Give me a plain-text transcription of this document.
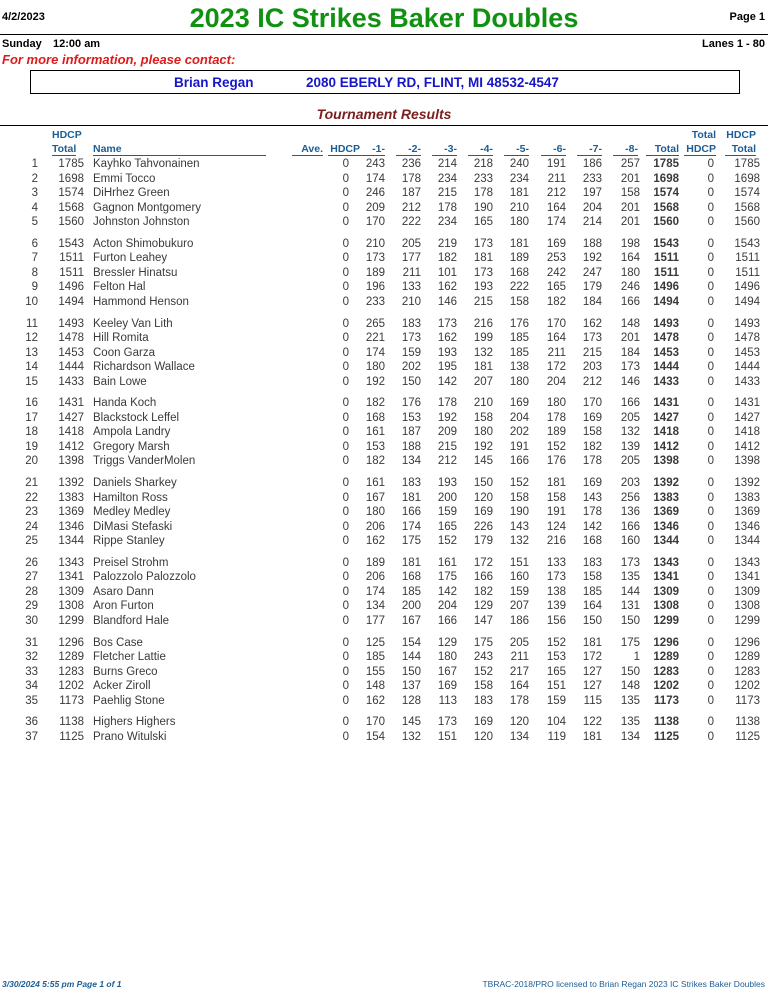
4/2/2023	2023 IC Strikes Baker Doubles	Page 1
Sunday 12:00 am	Lanes 1 - 80
For more information, please contact:
Brian Regan	2080 EBERLY RD, FLINT, MI 48532-4547
Tournament Results
HDCP
Total Name	Ave. HDCP	-1-	-2-	-3-	-4-	-5-	-6-	-7-	-8-	Total
Total
HDCP
HDCP
Total
1	1785 Kayhko Tahvonainen	0	243	236	214	218	240	191	186	257	1785	0	1785
2	1698 Emmi Tocco	0	174	178	234	233	234	211	233	201	1698	0	1698
3	1574 DiHrhez Green	0	246	187	215	178	181	212	197	158	1574	0	1574
4	1568 Gagnon Montgomery	0	209	212	178	190	210	164	204	201	1568	0	1568
5	1560 Johnston Johnston	0	170	222	234	165	180	174	214	201	1560	0	1560
6	1543 Acton Shimobukuro	0	210	205	219	173	181	169	188	198	1543	0	1543
7	1511 Furton Leahey	0	173	177	182	181	189	253	192	164	1511	0	1511
8	1511 Bressler Hinatsu	0	189	211	101	173	168	242	247	180	1511	0	1511
9	1496 Felton Hal	0	196	133	162	193	222	165	179	246	1496	0	1496
10	1494 Hammond Henson	0	233	210	146	215	158	182	184	166	1494	0	1494
11	1493 Keeley Van Lith	0	265	183	173	216	176	170	162	148	1493	0	1493
12	1478 Hill Romita	0	221	173	162	199	185	164	173	201	1478	0	1478
13	1453 Coon Garza	0	174	159	193	132	185	211	215	184	1453	0	1453
14	1444 Richardson Wallace	0	180	202	195	181	138	172	203	173	1444	0	1444
15	1433 Bain Lowe	0	192	150	142	207	180	204	212	146	1433	0	1433
16	1431 Handa Koch	0	182	176	178	210	169	180	170	166	1431	0	1431
17	1427 Blackstock Leffel	0	168	153	192	158	204	178	169	205	1427	0	1427
18	1418 Ampola Landry	0	161	187	209	180	202	189	158	132	1418	0	1418
19	1412 Gregory Marsh	0	153	188	215	192	191	152	182	139	1412	0	1412
20	1398 Triggs VanderMolen	0	182	134	212	145	166	176	178	205	1398	0	1398
21	1392 Daniels Sharkey	0	161	183	193	150	152	181	169	203	1392	0	1392
22	1383 Hamilton Ross	0	167	181	200	120	158	158	143	256	1383	0	1383
23	1369 Medley Medley	0	180	166	159	169	190	191	178	136	1369	0	1369
24	1346 DiMasi Stefaski	0	206	174	165	226	143	124	142	166	1346	0	1346
25	1344 Rippe Stanley	0	162	175	152	179	132	216	168	160	1344	0	1344
26	1343 Preisel Strohm	0	189	181	161	172	151	133	183	173	1343	0	1343
27	1341 Palozzolo Palozzolo	0	206	168	175	166	160	173	158	135	1341	0	1341
28	1309 Asaro Dann	0	174	185	142	182	159	138	185	144	1309	0	1309
29	1308 Aron Furton	0	134	200	204	129	207	139	164	131	1308	0	1308
30	1299 Blandford Hale	0	177	167	166	147	186	156	150	150	1299	0	1299
31	1296 Bos Case	0	125	154	129	175	205	152	181	175	1296	0	1296
32	1289 Fletcher Lattie	0	185	144	180	243	211	153	172	1	1289	0	1289
33	1283 Burns Greco	0	155	150	167	152	217	165	127	150	1283	0	1283
34	1202 Acker Ziroll	0	148	137	169	158	164	151	127	148	1202	0	1202
35	1173 Paehlig Stone	0	162	128	113	183	178	159	115	135	1173	0	1173
36	1138 Highers Highers	0	170	145	173	169	120	104	122	135	1138	0	1138
37	1125 Prano Witulski	0	154	132	151	120	134	119	181	134	1125	0	1125
3/30/2024 5:55 pm Page 1 of 1	TBRAC-2018/PRO licensed to Brian Regan 2023 IC Strikes Baker Doubles
